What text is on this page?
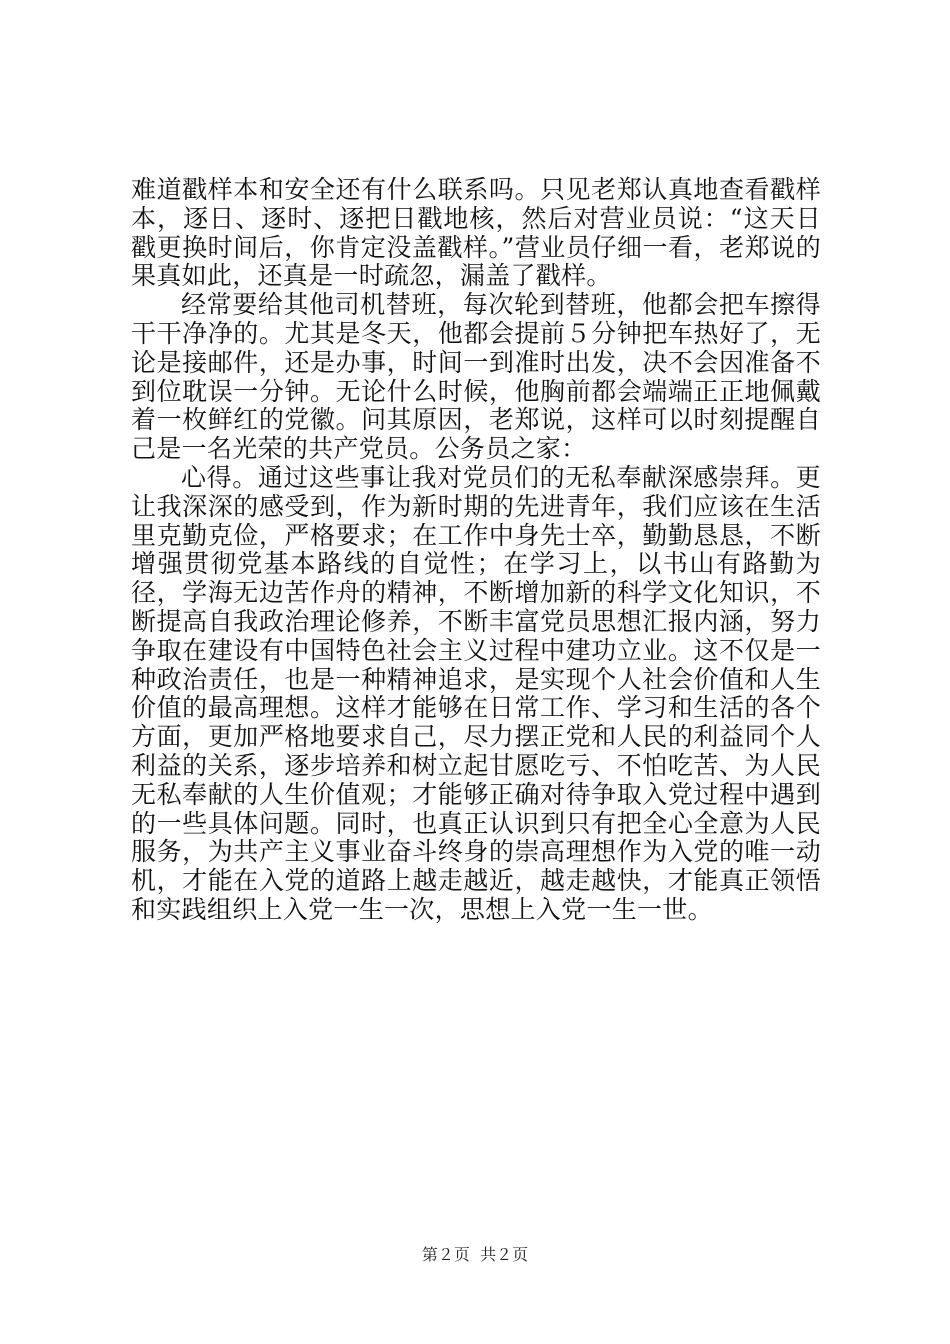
难道戳样本和安全还有什么联系吗。只见老郑认真地查看戳样本，逐日、逐时、逐把日戳地核，然后对营业员说：“这天日戳更换时间后，你肯定没盖戳样。”营业员仔细一看，老郑说的果真如此，还真是一时疏忽，漏盖了戳样。

经常要给其他司机替班，每次轮到替班，他都会把车擦得干干净净的。尤其是冬天，他都会提前５分钟把车热好了，无论是接邮件，还是办事，时间一到准时出发，决不会因准备不到位耽误一分钟。无论什么时候，他胸前都会端端正正地佩戴着一枚鲜红的党徽。问其原因，老郑说，这样可以时刻提醒自己是一名光荣的共产党员。公务员之家：

心得。通过这些事让我对党员们的无私奉献深感崇拜。更让我深深的感受到，作为新时期的先进青年，我们应该在生活里克勤克俭，严格要求；在工作中身先士卒，勤勤恳恳，不断增强贯彻党基本路线的自觉性；在学习上，以书山有路勤为径，学海无边苦作舟的精神，不断增加新的科学文化知识，不断提高自我政治理论修养，不断丰富党员思想汇报内涵，努力争取在建设有中国特色社会主义过程中建功立业。这不仅是一种政治责任，也是一种精神追求，是实现个人社会价值和人生价值的最高理想。这样才能够在日常工作、学习和生活的各个方面，更加严格地要求自己，尽力摆正党和人民的利益同个人利益的关系，逐步培养和树立起甘愿吃亏、不怕吃苦、为人民无私奉献的人生价值观；才能够正确对待争取入党过程中遇到的一些具体问题。同时，也真正认识到只有把全心全意为人民服务，为共产主义事业奋斗终身的崇高理想作为入党的唯一动机，才能在入党的道路上越走越近，越走越快，才能真正领悟和实践组织上入党一生一次，思想上入党一生一世。

第２页  共２页
